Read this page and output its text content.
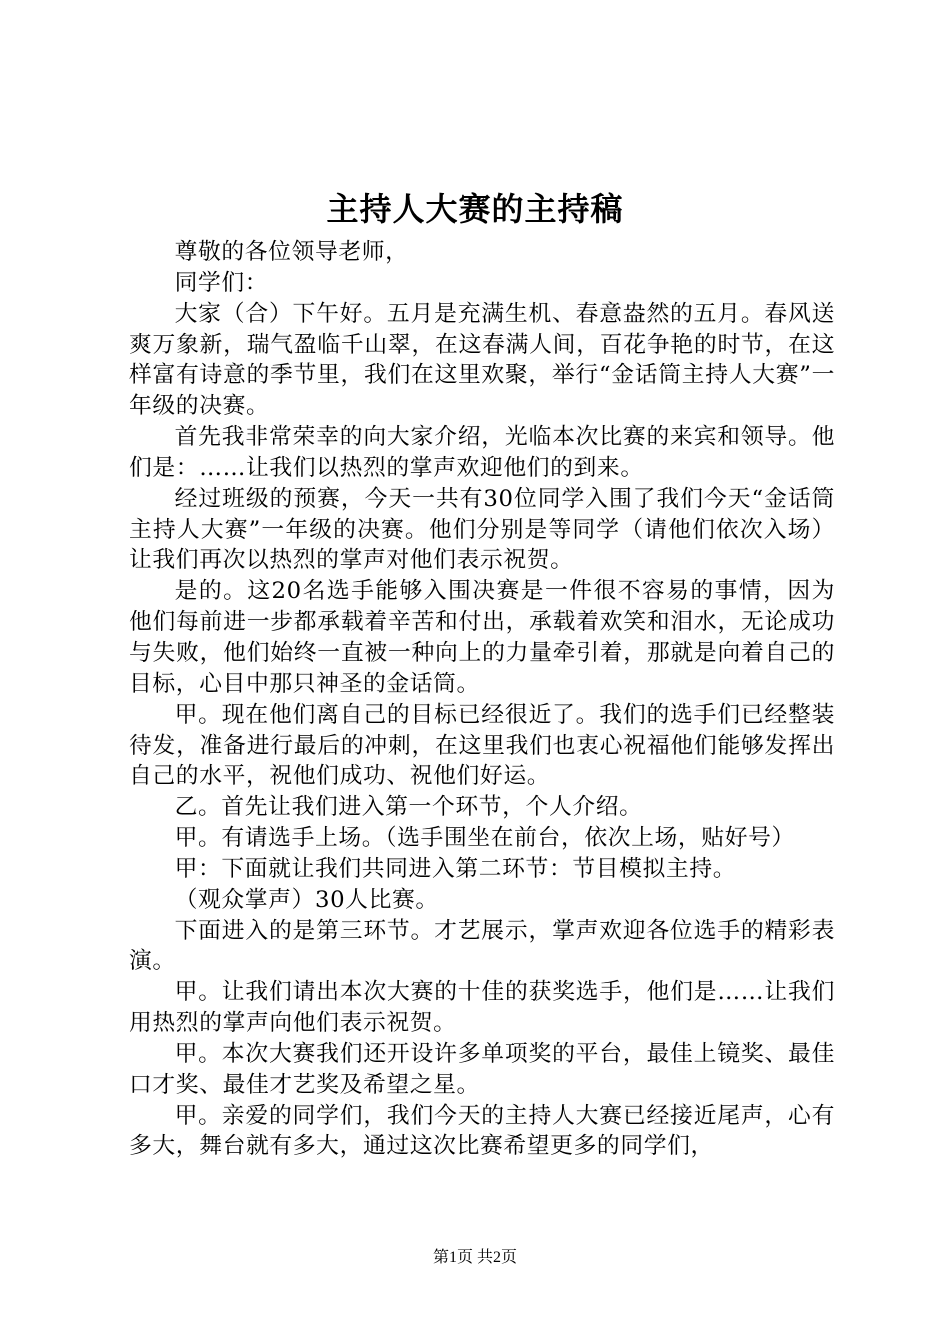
主持人大赛的主持稿

尊敬的各位领导老师，

同学们：

大家（合）下午好。五月是充满生机、春意盎然的五月。春风送爽万象新，瑞气盈临千山翠，在这春满人间，百花争艳的时节，在这样富有诗意的季节里，我们在这里欢聚，举行“金话筒主持人大赛”一年级的决赛。

首先我非常荣幸的向大家介绍，光临本次比赛的来宾和领导。他们是：……让我们以热烈的掌声欢迎他们的到来。

经过班级的预赛，今天一共有30位同学入围了我们今天“金话筒主持人大赛”一年级的决赛。他们分别是等同学（请他们依次入场）让我们再次以热烈的掌声对他们表示祝贺。

是的。这20名选手能够入围决赛是一件很不容易的事情，因为他们每前进一步都承载着辛苦和付出，承载着欢笑和泪水，无论成功与失败，他们始终一直被一种向上的力量牵引着，那就是向着自己的目标，心目中那只神圣的金话筒。

甲。现在他们离自己的目标已经很近了。我们的选手们已经整装待发，准备进行最后的冲刺，在这里我们也衷心祝福他们能够发挥出自己的水平，祝他们成功、祝他们好运。

乙。首先让我们进入第一个环节，个人介绍。

甲。有请选手上场。（选手围坐在前台，依次上场，贴好号）

甲：下面就让我们共同进入第二环节：节目模拟主持。

（观众掌声）30人比赛。

下面进入的是第三环节。才艺展示，掌声欢迎各位选手的精彩表演。

甲。让我们请出本次大赛的十佳的获奖选手，他们是……让我们用热烈的掌声向他们表示祝贺。

甲。本次大赛我们还开设许多单项奖的平台，最佳上镜奖、最佳口才奖、最佳才艺奖及希望之星。

甲。亲爱的同学们，我们今天的主持人大赛已经接近尾声，心有多大，舞台就有多大，通过这次比赛希望更多的同学们，

第1页 共2页
